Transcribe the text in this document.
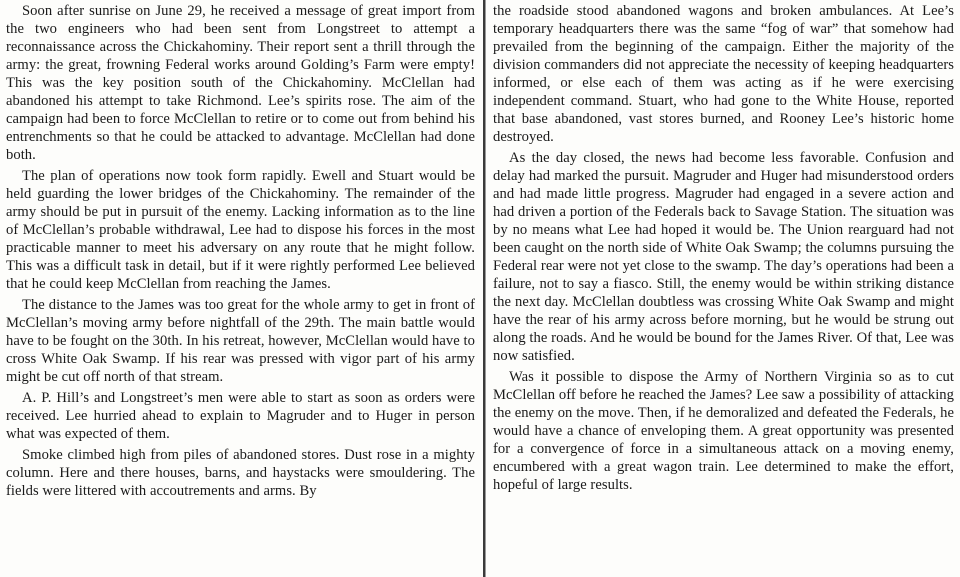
Soon after sunrise on June 29, he received a message of great import from the two engineers who had been sent from Longstreet to attempt a reconnaissance across the Chickahominy. Their report sent a thrill through the army: the great, frowning Federal works around Golding’s Farm were empty! This was the key position south of the Chickahominy. McClellan had abandoned his attempt to take Richmond. Lee’s spirits rose. The aim of the campaign had been to force McClellan to retire or to come out from behind his entrenchments so that he could be attacked to advantage. McClellan had done both.

The plan of operations now took form rapidly. Ewell and Stuart would be held guarding the lower bridges of the Chickahominy. The remainder of the army should be put in pursuit of the enemy. Lacking information as to the line of McClellan’s probable withdrawal, Lee had to dispose his forces in the most practicable manner to meet his adversary on any route that he might follow. This was a difficult task in detail, but if it were rightly performed Lee believed that he could keep McClellan from reaching the James.

The distance to the James was too great for the whole army to get in front of McClellan’s moving army before nightfall of the 29th. The main battle would have to be fought on the 30th. In his retreat, however, McClellan would have to cross White Oak Swamp. If his rear was pressed with vigor part of his army might be cut off north of that stream.

A. P. Hill’s and Longstreet’s men were able to start as soon as orders were received. Lee hurried ahead to explain to Magruder and to Huger in person what was expected of them.

Smoke climbed high from piles of abandoned stores. Dust rose in a mighty column. Here and there houses, barns, and haystacks were smouldering. The fields were littered with accoutrements and arms. By

the roadside stood abandoned wagons and broken ambulances. At Lee’s temporary headquarters there was the same “fog of war” that somehow had prevailed from the beginning of the campaign. Either the majority of the division commanders did not appreciate the necessity of keeping headquarters informed, or else each of them was acting as if he were exercising independent command. Stuart, who had gone to the White House, reported that base abandoned, vast stores burned, and Rooney Lee’s historic home destroyed.

As the day closed, the news had become less favorable. Confusion and delay had marked the pursuit. Magruder and Huger had misunderstood orders and had made little progress. Magruder had engaged in a severe action and had driven a portion of the Federals back to Savage Station. The situation was by no means what Lee had hoped it would be. The Union rearguard had not been caught on the north side of White Oak Swamp; the columns pursuing the Federal rear were not yet close to the swamp. The day’s operations had been a failure, not to say a fiasco. Still, the enemy would be within striking distance the next day. McClellan doubtless was crossing White Oak Swamp and might have the rear of his army across before morning, but he would be strung out along the roads. And he would be bound for the James River. Of that, Lee was now satisfied.

Was it possible to dispose the Army of Northern Virginia so as to cut McClellan off before he reached the James? Lee saw a possibility of attacking the enemy on the move. Then, if he demoralized and defeated the Federals, he would have a chance of enveloping them. A great opportunity was presented for a convergence of force in a simultaneous attack on a moving enemy, encumbered with a great wagon train. Lee determined to make the effort, hopeful of large results.
